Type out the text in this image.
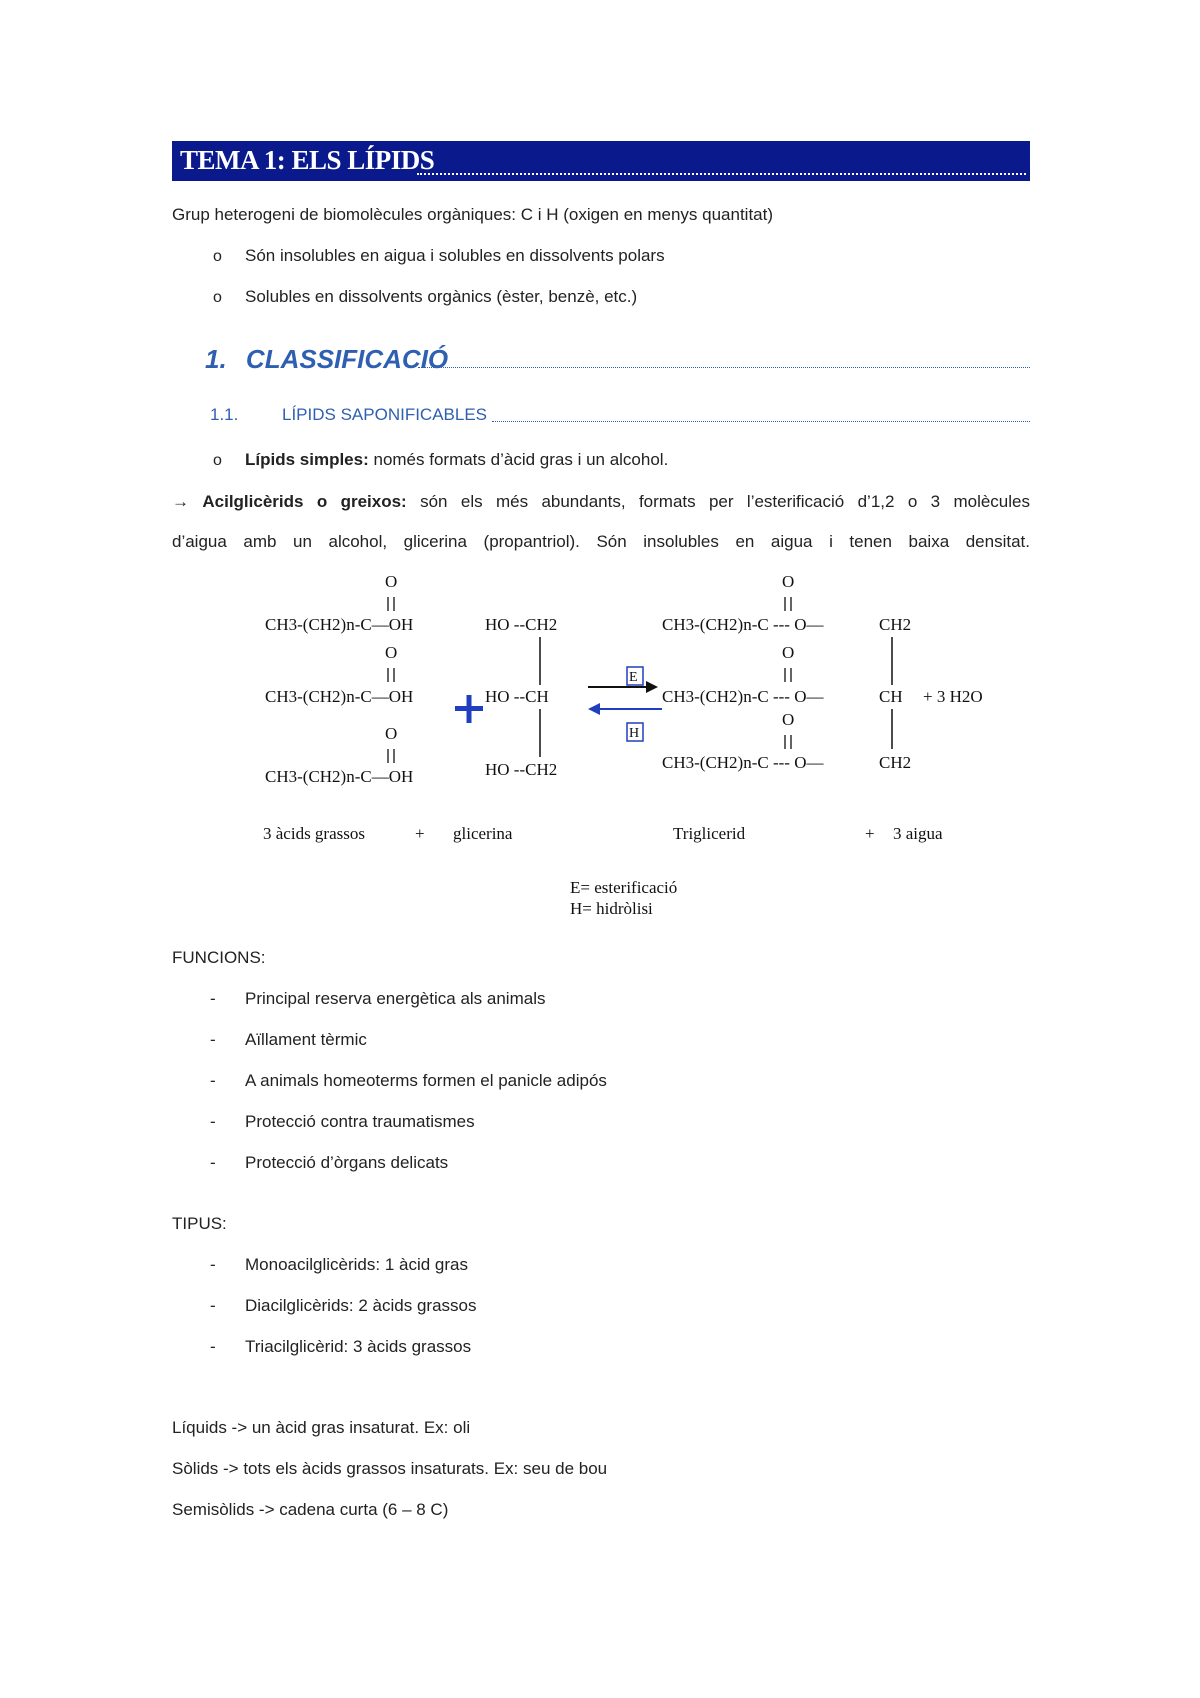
TEMA 1: ELS LÍPIDS
Grup heterogeni de biomolècules orgàniques: C i H (oxigen en menys quantitat)
o Són insolubles en aigua i solubles en dissolvents polars
o Solubles en dissolvents orgànics (èster, benzè, etc.)
1. CLASSIFICACIÓ
1.1.	LÍPIDS SAPONIFICABLES
o Lípids simples: només formats d’àcid gras i un alcohol.
→ Acilglicèrids o greixos: són els més abundants, formats per l’esterificació d’1,2 o 3 molècules
d’aigua amb un alcohol, glicerina (propantriol). Són insolubles en aigua i tenen baixa densitat.
O
CH3-(CH2)n-C—OH
O
CH3-(CH2)n-C—OH
O
CH3-(CH2)n-C—OH
HO --CH2
HO --CH
HO --CH2
E
H
O
CH3-(CH2)n-C --- O—	CH2
O
CH3-(CH2)n-C --- O—	CH
O
CH3-(CH2)n-C --- O—	CH2
+ 3 H2O
3 àcids grassos	+ glicerina	Triglicerid	+ 3 aigua
E= esterificació
H= hidròlisi
FUNCIONS:
- Principal reserva energètica als animals
- Aïllament tèrmic
- A animals homeoterms formen el panicle adipós
- Protecció contra traumatismes
- Protecció d’òrgans delicats
TIPUS:
- Monoacilglicèrids: 1 àcid gras
- Diacilglicèrids: 2 àcids grassos
- Triacilglicèrid: 3 àcids grassos
Líquids -> un àcid gras insaturat. Ex: oli
Sòlids -> tots els àcids grassos insaturats. Ex: seu de bou
Semisòlids -> cadena curta (6 – 8 C)
